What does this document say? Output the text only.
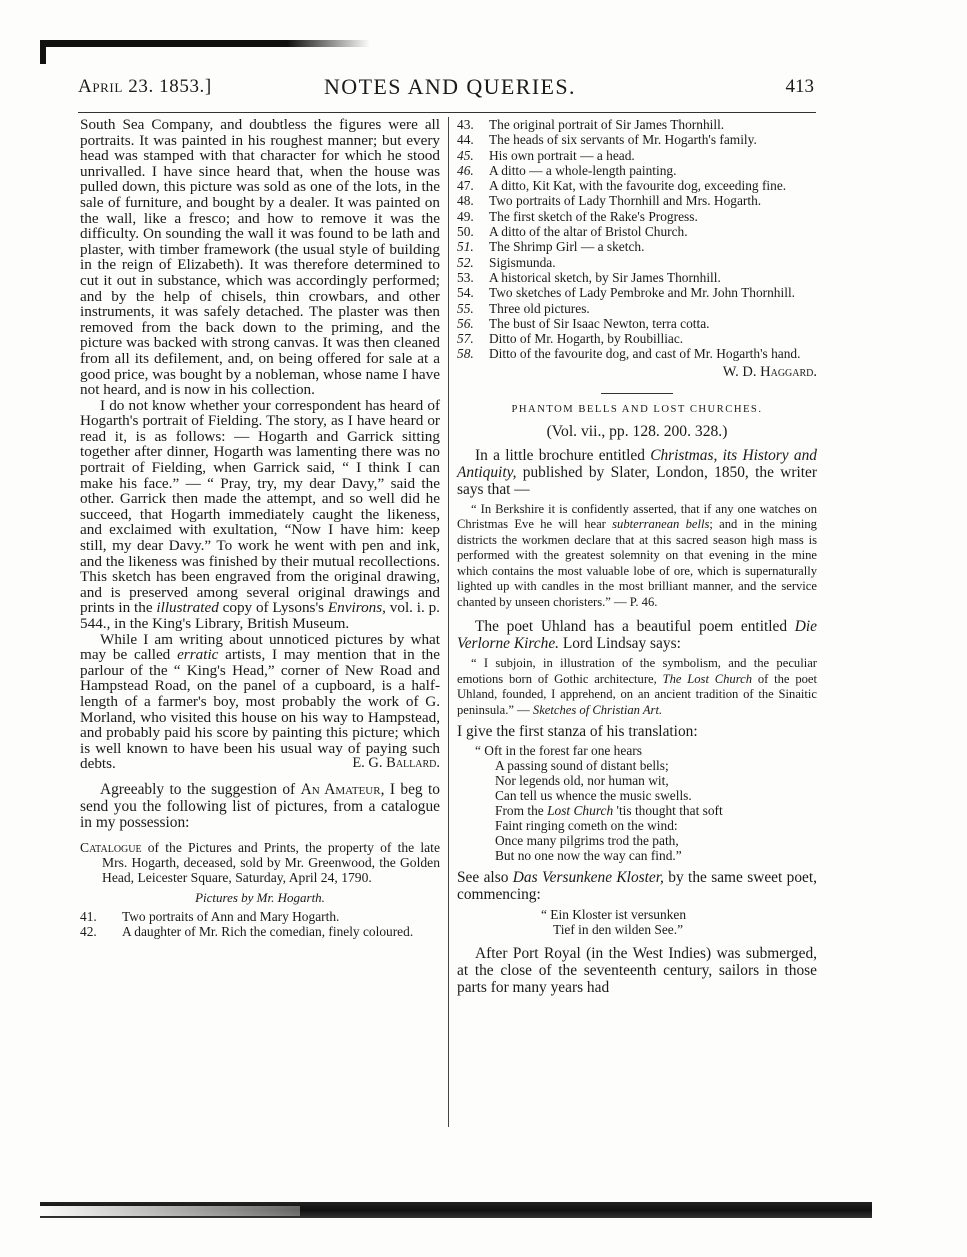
April 23. 1853.]	NOTES AND QUERIES.	413

South Sea Company, and doubtless the figures were all portraits. It was painted in his roughest manner; but every head was stamped with that character for which he stood unrivalled. I have since heard that, when the house was pulled down, this picture was sold as one of the lots, in the sale of furniture, and bought by a dealer. It was painted on the wall, like a fresco; and how to remove it was the difficulty. On sounding the wall it was found to be lath and plaster, with timber framework (the usual style of building in the reign of Elizabeth). It was therefore determined to cut it out in substance, which was accordingly performed; and by the help of chisels, thin crowbars, and other instruments, it was safely detached. The plaster was then removed from the back down to the priming, and the picture was backed with strong canvas. It was then cleaned from all its defilement, and, on being offered for sale at a good price, was bought by a nobleman, whose name I have not heard, and is now in his collection.

I do not know whether your correspondent has heard of Hogarth's portrait of Fielding. The story, as I have heard or read it, is as follows: — Hogarth and Garrick sitting together after dinner, Hogarth was lamenting there was no portrait of Fielding, when Garrick said, “ I think I can make his face.” — “ Pray, try, my dear Davy,” said the other. Garrick then made the attempt, and so well did he succeed, that Hogarth immediately caught the likeness, and exclaimed with exultation, “Now I have him: keep still, my dear Davy.” To work he went with pen and ink, and the likeness was finished by their mutual recollections. This sketch has been engraved from the original drawing, and is preserved among several original drawings and prints in the illustrated copy of Lysons's Environs, vol. i. p. 544., in the King's Library, British Museum.

While I am writing about unnoticed pictures by what may be called erratic artists, I may mention that in the parlour of the “ King's Head,” corner of New Road and Hampstead Road, on the panel of a cupboard, is a half-length of a farmer's boy, most probably the work of G. Morland, who visited this house on his way to Hampstead, and probably paid his score by painting this picture; which is well known to have been his usual way of paying such debts.	E. G. Ballard.

Agreeably to the suggestion of An Amateur, I beg to send you the following list of pictures, from a catalogue in my possession:

Catalogue of the Pictures and Prints, the property of the late Mrs. Hogarth, deceased, sold by Mr. Greenwood, the Golden Head, Leicester Square, Saturday, April 24, 1790.

Pictures by Mr. Hogarth.
41.	Two portraits of Ann and Mary Hogarth.
42.	A daughter of Mr. Rich the comedian, finely coloured.
43.	The original portrait of Sir James Thornhill.
44.	The heads of six servants of Mr. Hogarth's family.
45.	His own portrait — a head.
46.	A ditto — a whole-length painting.
47.	A ditto, Kit Kat, with the favourite dog, exceeding fine.
48.	Two portraits of Lady Thornhill and Mrs. Hogarth.
49.	The first sketch of the Rake's Progress.
50.	A ditto of the altar of Bristol Church.
51.	The Shrimp Girl — a sketch.
52.	Sigismunda.
53.	A historical sketch, by Sir James Thornhill.
54.	Two sketches of Lady Pembroke and Mr. John Thornhill.
55.	Three old pictures.
56.	The bust of Sir Isaac Newton, terra cotta.
57.	Ditto of Mr. Hogarth, by Roubilliac.
58.	Ditto of the favourite dog, and cast of Mr. Hogarth's hand.
W. D. Haggard.
PHANTOM BELLS AND LOST CHURCHES.
(Vol. vii., pp. 128. 200. 328.)

In a little brochure entitled Christmas, its History and Antiquity, published by Slater, London, 1850, the writer says that —

“ In Berkshire it is confidently asserted, that if any one watches on Christmas Eve he will hear subterranean bells; and in the mining districts the workmen declare that at this sacred season high mass is performed with the greatest solemnity on that evening in the mine which contains the most valuable lobe of ore, which is supernaturally lighted up with candles in the most brilliant manner, and the service chanted by unseen choristers.” — P. 46.

The poet Uhland has a beautiful poem entitled Die Verlorne Kirche. Lord Lindsay says:

“ I subjoin, in illustration of the symbolism, and the peculiar emotions born of Gothic architecture, The Lost Church of the poet Uhland, founded, I apprehend, on an ancient tradition of the Sinaitic peninsula.” — Sketches of Christian Art.

I give the first stanza of his translation:

“ Oft in the forest far one hears
A passing sound of distant bells;
Nor legends old, nor human wit,
Can tell us whence the music swells.
From the Lost Church 'tis thought that soft
Faint ringing cometh on the wind:
Once many pilgrims trod the path,
But no one now the way can find.”

See also Das Versunkene Kloster, by the same sweet poet, commencing:

“ Ein Kloster ist versunken
Tief in den wilden See.”

After Port Royal (in the West Indies) was submerged, at the close of the seventeenth century, sailors in those parts for many years had
